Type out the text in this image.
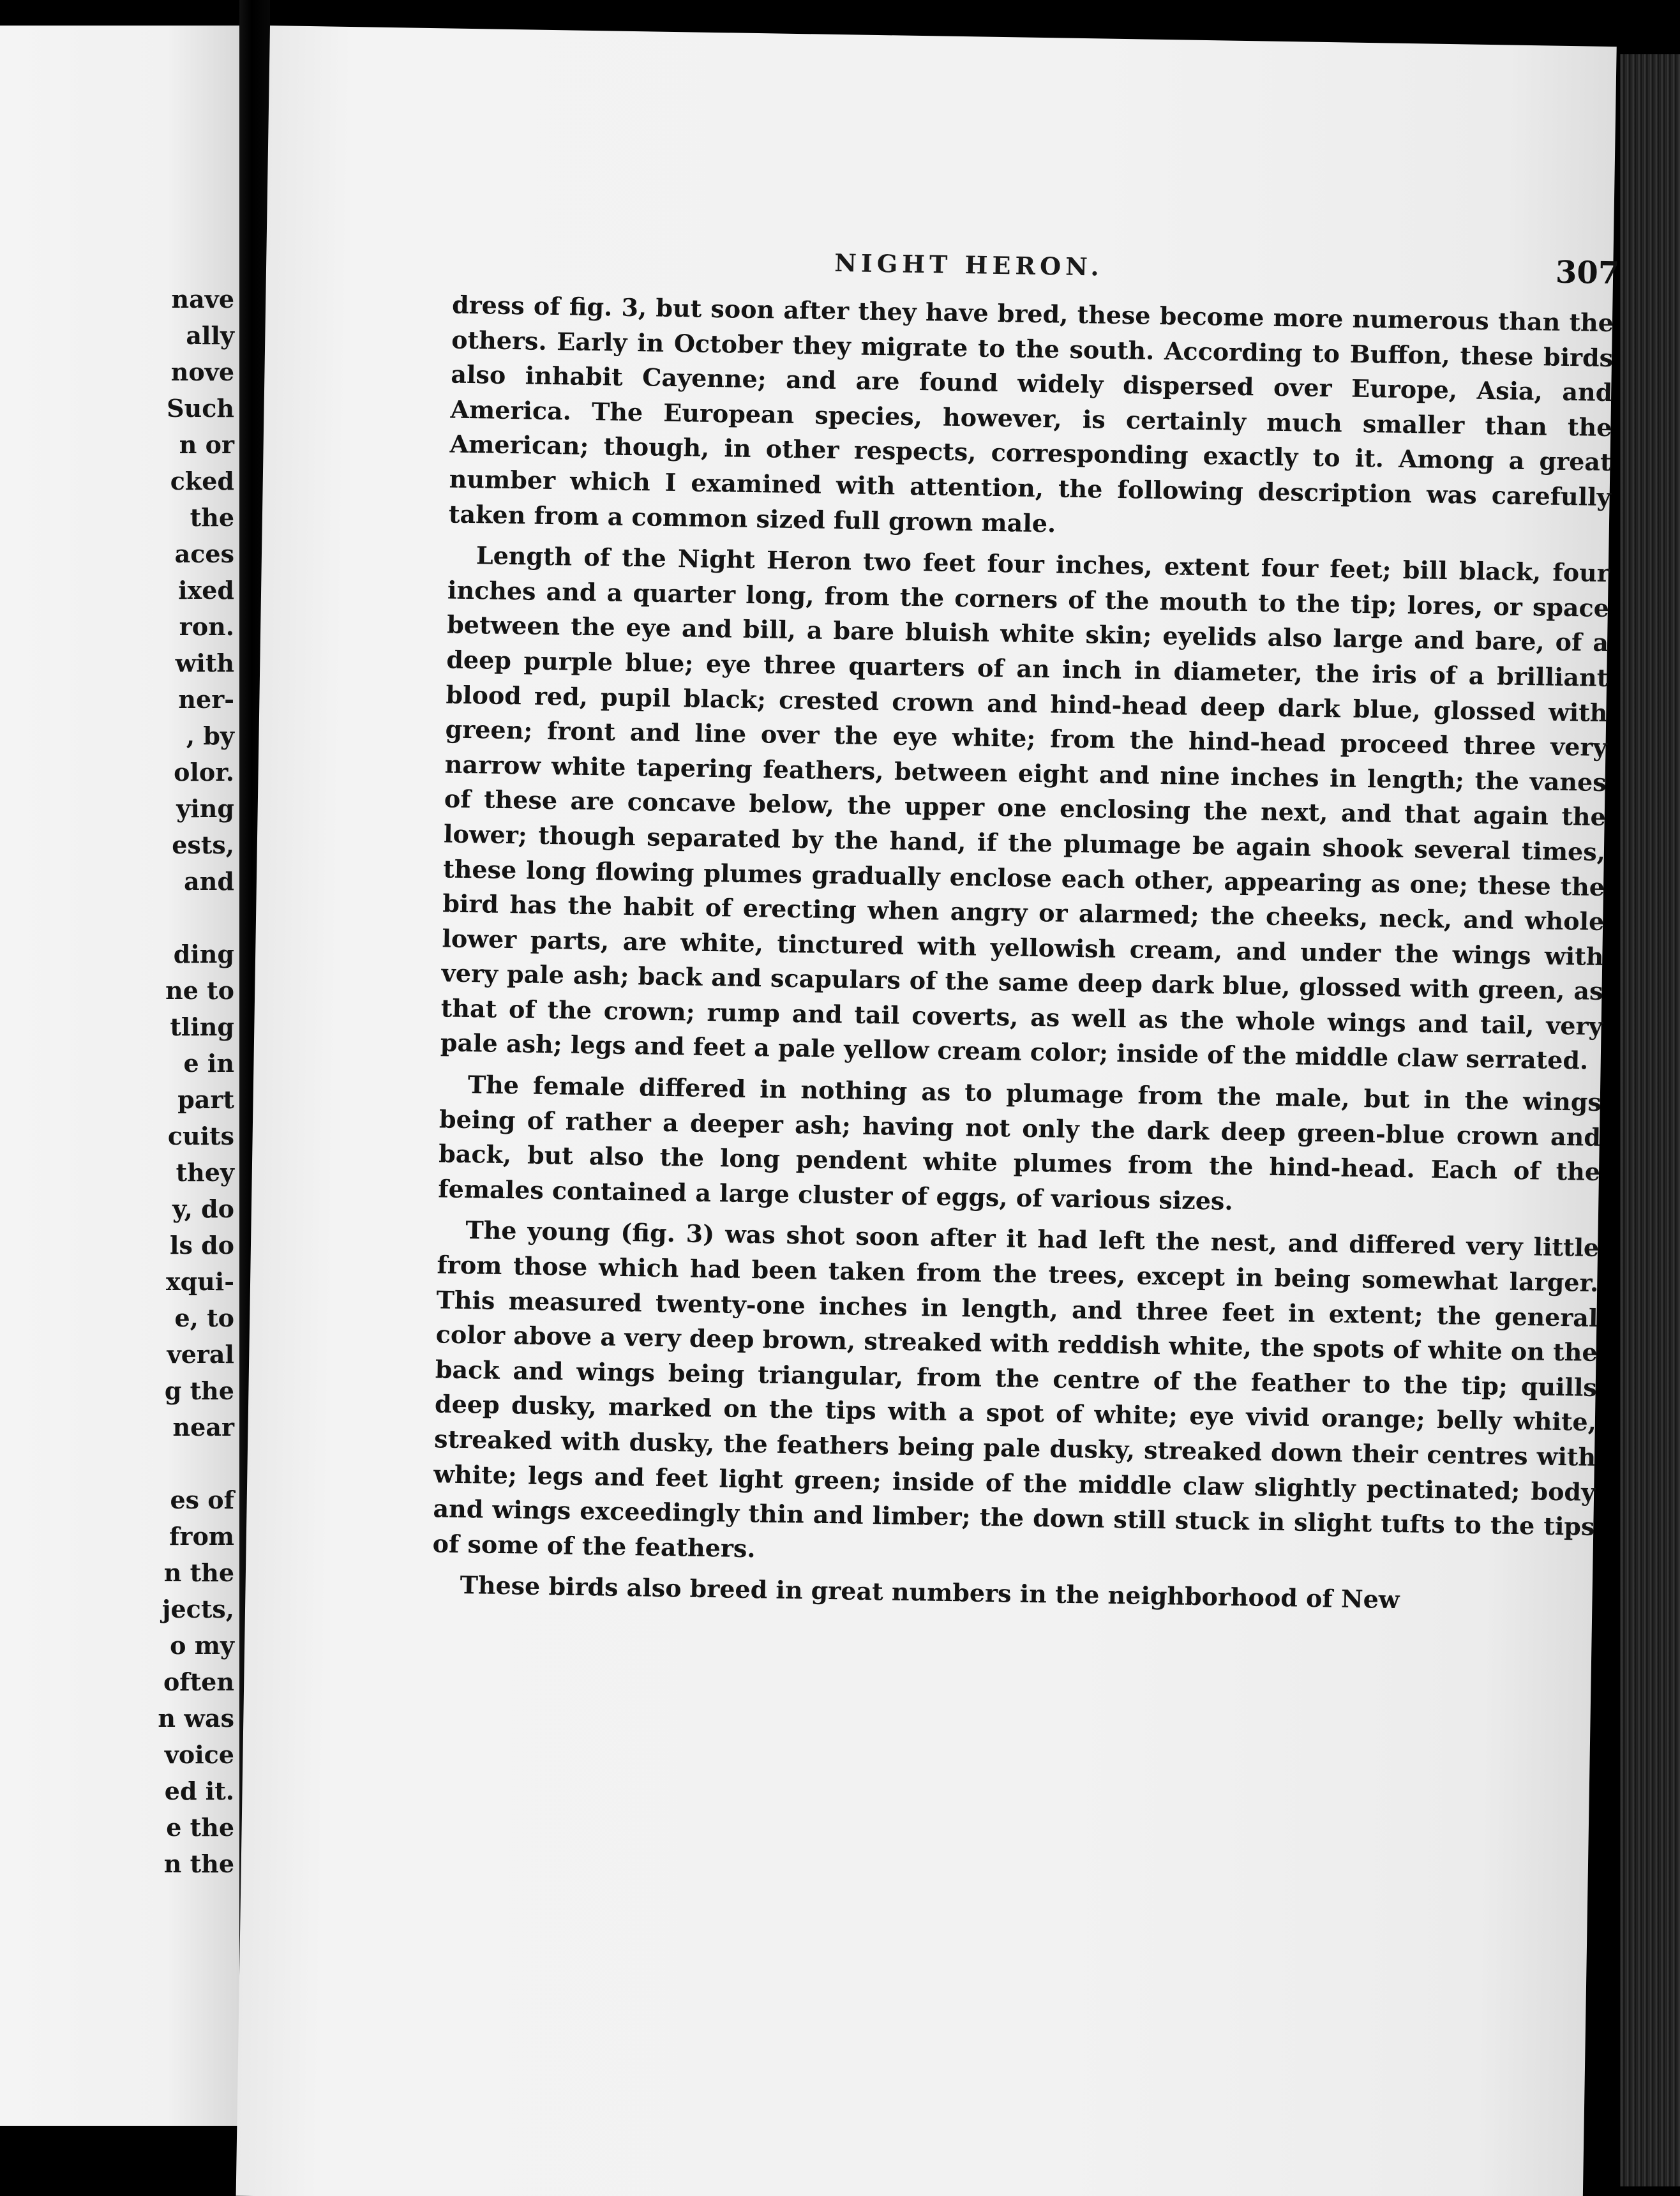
nave
ally
nove
Such
n or
cked
the
aces
ixed
ron.
with
ner-
, by
olor.
ying
ests,
and
ding
ne to
tling
e in
part
cuits
they
y, do
ls do
xqui-
e, to
veral
g the
near
es of
from
n the
jects,
o my
often
n was
voice
ed it.
e the
n the
NIGHT HERON.	307

dress of fig. 3, but soon after they have bred, these become more numerous than the others. Early in October they migrate to the south. According to Buffon, these birds also inhabit Cayenne; and are found widely dispersed over Europe, Asia, and America. The European species, however, is certainly much smaller than the American; though, in other respects, corresponding exactly to it. Among a great number which I examined with attention, the following description was carefully taken from a common sized full grown male.

Length of the Night Heron two feet four inches, extent four feet; bill black, four inches and a quarter long, from the corners of the mouth to the tip; lores, or space between the eye and bill, a bare bluish white skin; eyelids also large and bare, of a deep purple blue; eye three quarters of an inch in diameter, the iris of a brilliant blood red, pupil black; crested crown and hind-head deep dark blue, glossed with green; front and line over the eye white; from the hind-head proceed three very narrow white tapering feathers, between eight and nine inches in length; the vanes of these are concave below, the upper one enclosing the next, and that again the lower; though separated by the hand, if the plumage be again shook several times, these long flowing plumes gradually enclose each other, appearing as one; these the bird has the habit of erecting when angry or alarmed; the cheeks, neck, and whole lower parts, are white, tinctured with yellowish cream, and under the wings with very pale ash; back and scapulars of the same deep dark blue, glossed with green, as that of the crown; rump and tail coverts, as well as the whole wings and tail, very pale ash; legs and feet a pale yellow cream color; inside of the middle claw serrated.

The female differed in nothing as to plumage from the male, but in the wings being of rather a deeper ash; having not only the dark deep green-blue crown and back, but also the long pendent white plumes from the hind-head. Each of the females contained a large cluster of eggs, of various sizes.

The young (fig. 3) was shot soon after it had left the nest, and differed very little from those which had been taken from the trees, except in being somewhat larger. This measured twenty-one inches in length, and three feet in extent; the general color above a very deep brown, streaked with reddish white, the spots of white on the back and wings being triangular, from the centre of the feather to the tip; quills deep dusky, marked on the tips with a spot of white; eye vivid orange; belly white, streaked with dusky, the feathers being pale dusky, streaked down their centres with white; legs and feet light green; inside of the middle claw slightly pectinated; body and wings exceedingly thin and limber; the down still stuck in slight tufts to the tips of some of the feathers.

These birds also breed in great numbers in the neighborhood of New
